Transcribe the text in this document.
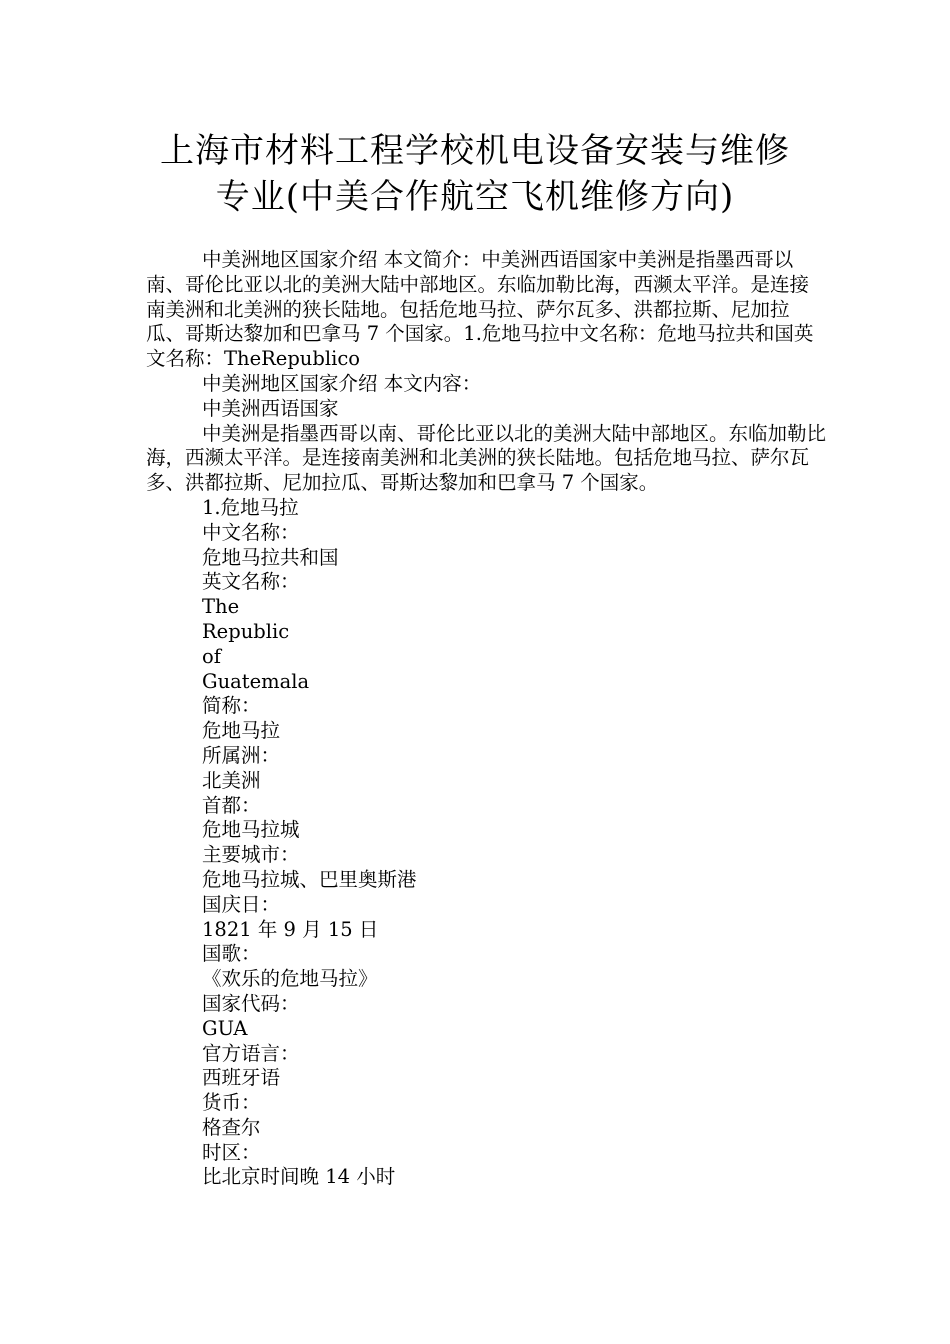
上海市材料工程学校机电设备安装与维修
专业(中美合作航空飞机维修方向)

中美洲地区国家介绍 本文简介：中美洲西语国家中美洲是指墨西哥以南、哥伦比亚以北的美洲大陆中部地区。东临加勒比海，西濒太平洋。是连接南美洲和北美洲的狭长陆地。包括危地马拉、萨尔瓦多、洪都拉斯、尼加拉瓜、哥斯达黎加和巴拿马 7 个国家。1.危地马拉中文名称：危地马拉共和国英文名称：TheRepublico

中美洲地区国家介绍 本文内容：

中美洲西语国家

中美洲是指墨西哥以南、哥伦比亚以北的美洲大陆中部地区。东临加勒比海，西濒太平洋。是连接南美洲和北美洲的狭长陆地。包括危地马拉、萨尔瓦多、洪都拉斯、尼加拉瓜、哥斯达黎加和巴拿马 7 个国家。

1.危地马拉

中文名称：

危地马拉共和国

英文名称：

The

Republic

of

Guatemala

简称：

危地马拉

所属洲：

北美洲

首都：

危地马拉城

主要城市：

危地马拉城、巴里奥斯港

国庆日：

1821 年 9 月 15 日

国歌：

《欢乐的危地马拉》

国家代码：

GUA

官方语言：

西班牙语

货币：

格查尔

时区：

比北京时间晚 14 小时
